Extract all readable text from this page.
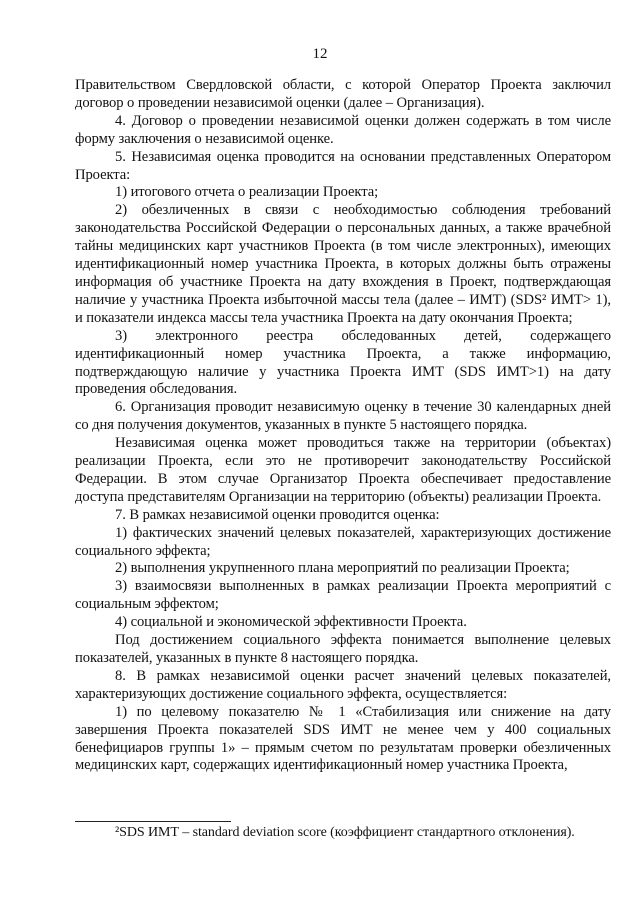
12

Правительством Свердловской области, с которой Оператор Проекта заключил договор о проведении независимой оценки (далее – Организация).

4. Договор о проведении независимой оценки должен содержать в том числе форму заключения о независимой оценке.

5. Независимая оценка проводится на основании представленных Оператором Проекта:

1) итогового отчета о реализации Проекта;

2) обезличенных в связи с необходимостью соблюдения требований законодательства Российской Федерации о персональных данных, а также врачебной тайны медицинских карт участников Проекта (в том числе электронных), имеющих идентификационный номер участника Проекта, в которых должны быть отражены информация об участнике Проекта на дату вхождения в Проект, подтверждающая наличие у участника Проекта избыточной массы тела (далее – ИМТ) (SDS² ИМТ> 1), и показатели индекса массы тела участника Проекта на дату окончания Проекта;

3) электронного реестра обследованных детей, содержащего идентификационный номер участника Проекта, а также информацию, подтверждающую наличие у участника Проекта ИМТ (SDS ИМТ>1) на дату проведения обследования.

6. Организация проводит независимую оценку в течение 30 календарных дней со дня получения документов, указанных в пункте 5 настоящего порядка.

Независимая оценка может проводиться также на территории (объектах) реализации Проекта, если это не противоречит законодательству Российской Федерации. В этом случае Организатор Проекта обеспечивает предоставление доступа представителям Организации на территорию (объекты) реализации Проекта.

7. В рамках независимой оценки проводится оценка:

1) фактических значений целевых показателей, характеризующих достижение социального эффекта;

2) выполнения укрупненного плана мероприятий по реализации Проекта;

3) взаимосвязи выполненных в рамках реализации Проекта мероприятий с социальным эффектом;

4) социальной и экономической эффективности Проекта.

Под достижением социального эффекта понимается выполнение целевых показателей, указанных в пункте 8 настоящего порядка.

8. В рамках независимой оценки расчет значений целевых показателей, характеризующих достижение социального эффекта, осуществляется:

1) по целевому показателю № 1 «Стабилизация или снижение на дату завершения Проекта показателей SDS ИМТ не менее чем у 400 социальных бенефициаров группы 1» – прямым счетом по результатам проверки обезличенных медицинских карт, содержащих идентификационный номер участника Проекта,

²SDS ИМТ – standard deviation score (коэффициент стандартного отклонения).
